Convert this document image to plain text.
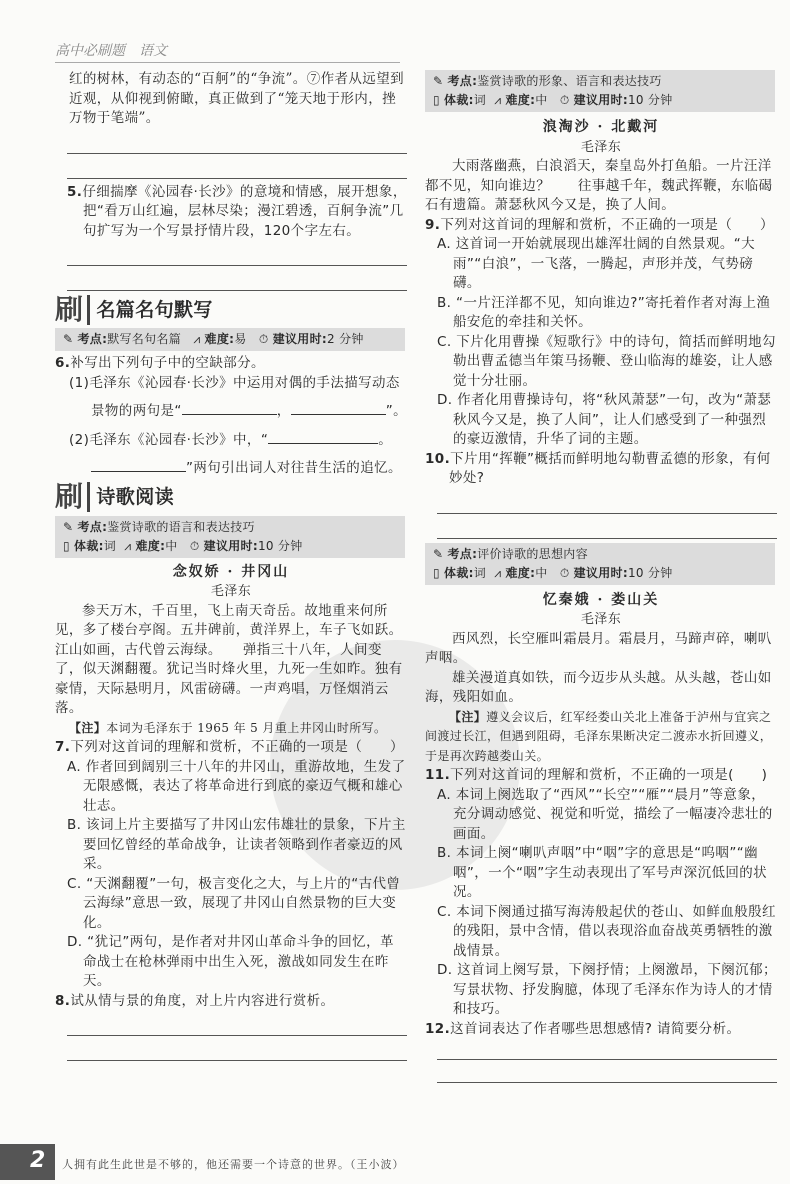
高中必刷题　语文
红的树林，有动态的“百舸”的“争流”。⑦作者从远望到近观，从仰视到俯瞰，真正做到了“笼天地于形内，挫万物于笔端”。
5.仔细揣摩《沁园春·长沙》的意境和情感，展开想象，把“看万山红遍，层林尽染；漫江碧透，百舸争流”几句扩写为一个写景抒情片段，120个字左右。
刷 名篇名句默写
✎ 考点:默写名句名篇 ⩘ 难度:易 ⏱ 建议用时:2 分钟
6.补写出下列句子中的空缺部分。
(1)毛泽东《沁园春·长沙》中运用对偶的手法描写动态
景物的两句是“	，	”。
(2)毛泽东《沁园春·长沙》中，“	。
”两句引出词人对往昔生活的追忆。
刷 诗歌阅读
✎ 考点:鉴赏诗歌的语言和表达技巧
▯ 体裁:词 ⩘ 难度:中 ⏱ 建议用时:10 分钟
念奴娇 · 井冈山
毛泽东
参天万木，千百里，飞上南天奇岳。故地重来何所见，多了楼台亭阁。五井碑前，黄洋界上，车子飞如跃。江山如画，古代曾云海绿。　　弹指三十八年，人间变了，似天渊翻覆。犹记当时烽火里，九死一生如昨。独有豪情，天际悬明月，风雷磅礴。一声鸡唱，万怪烟消云落。
【注】本词为毛泽东于 1965 年 5 月重上井冈山时所写。
7.下列对这首词的理解和赏析，不正确的一项是（　　）
A. 作者回到阔别三十八年的井冈山，重游故地，生发了无限感慨，表达了将革命进行到底的豪迈气概和雄心壮志。
B. 该词上片主要描写了井冈山宏伟雄壮的景象，下片主要回忆曾经的革命战争，让读者领略到作者豪迈的风采。
C. “天渊翻覆”一句，极言变化之大，与上片的“古代曾云海绿”意思一致，展现了井冈山自然景物的巨大变化。
D. “犹记”两句，是作者对井冈山革命斗争的回忆，革命战士在枪林弹雨中出生入死，激战如同发生在昨天。
8.试从情与景的角度，对上片内容进行赏析。
✎ 考点:鉴赏诗歌的形象、语言和表达技巧
▯ 体裁:词 ⩘ 难度:中 ⏱ 建议用时:10 分钟
浪淘沙 · 北戴河
毛泽东
大雨落幽燕，白浪滔天，秦皇岛外打鱼船。一片汪洋都不见，知向谁边？　　往事越千年，魏武挥鞭，东临碣石有遗篇。萧瑟秋风今又是，换了人间。
9.下列对这首词的理解和赏析，不正确的一项是（　　）
A. 这首词一开始就展现出雄浑壮阔的自然景观。“大雨”“白浪”，一飞落，一腾起，声形并茂，气势磅礴。
B. “一片汪洋都不见，知向谁边?”寄托着作者对海上渔船安危的牵挂和关怀。
C. 下片化用曹操《短歌行》中的诗句，简括而鲜明地勾勒出曹孟德当年策马扬鞭、登山临海的雄姿，让人感觉十分壮丽。
D. 作者化用曹操诗句，将“秋风萧瑟”一句，改为“萧瑟秋风今又是，换了人间”，让人们感受到了一种强烈的豪迈激情，升华了词的主题。
10.下片用“挥鞭”概括而鲜明地勾勒曹孟德的形象，有何妙处?
✎ 考点:评价诗歌的思想内容
▯ 体裁:词 ⩘ 难度:中 ⏱ 建议用时:10 分钟
忆秦娥 · 娄山关
毛泽东
西风烈，长空雁叫霜晨月。霜晨月，马蹄声碎，喇叭声咽。
雄关漫道真如铁，而今迈步从头越。从头越，苍山如海，残阳如血。
【注】遵义会议后，红军经娄山关北上准备于泸州与宜宾之间渡过长江，但遇到阻碍，毛泽东果断决定二渡赤水折回遵义，于是再次跨越娄山关。
11.下列对这首词的理解和赏析，不正确的一项是(　　)
A. 本词上阕选取了“西风”“长空”“雁”“晨月”等意象，充分调动感觉、视觉和听觉，描绘了一幅凄冷悲壮的画面。
B. 本词上阕“喇叭声咽”中“咽”字的意思是“呜咽”“幽咽”，一个“咽”字生动表现出了军号声深沉低回的状况。
C. 本词下阕通过描写海涛般起伏的苍山、如鲜血般殷红的残阳，景中含情，借以表现浴血奋战英勇牺牲的激战情景。
D. 这首词上阕写景，下阕抒情；上阕激昂，下阕沉郁；写景状物、抒发胸臆，体现了毛泽东作为诗人的才情和技巧。
12.这首词表达了作者哪些思想感情? 请简要分析。
2	人拥有此生此世是不够的，他还需要一个诗意的世界。（王小波）
